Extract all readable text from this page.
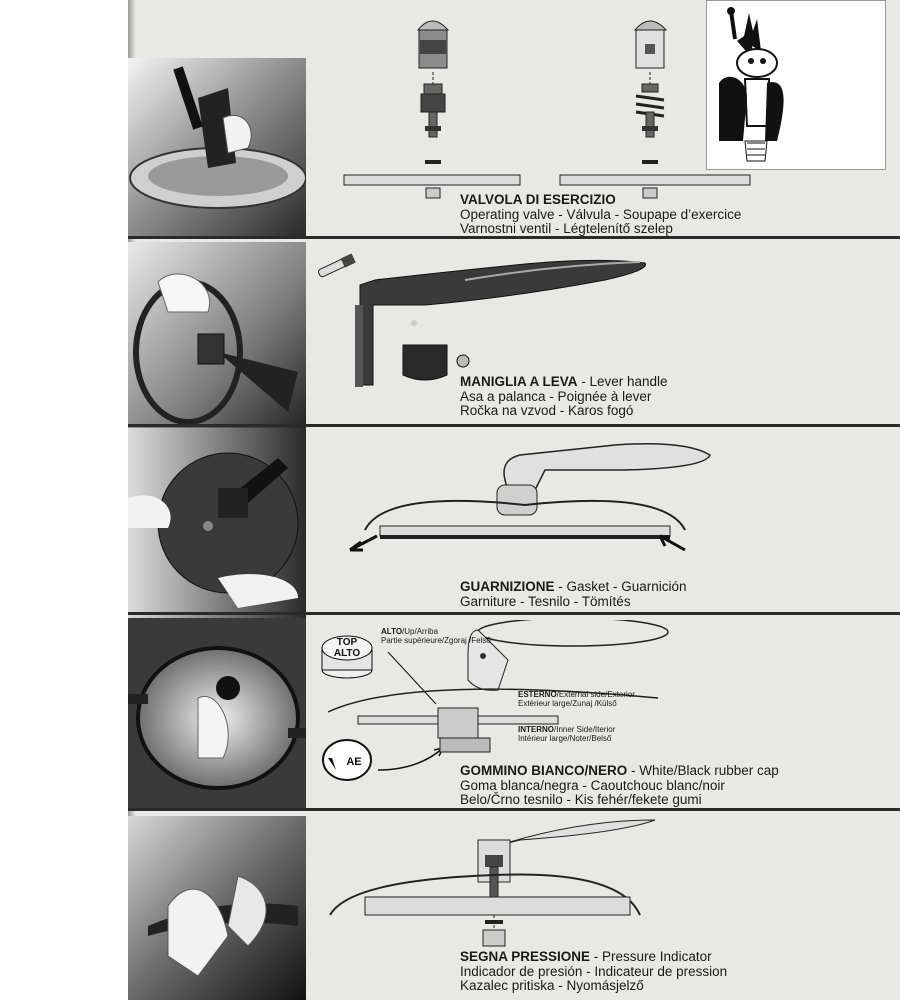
VALVOLA DI ESERCIZIO
Operating valve - Válvula - Soupape d’exercice
Varnostni ventil - Légtelenítő szelep
MANIGLIA A LEVA - Lever handle
Asa a palanca - Poignée à lever
Ročka na vzvod - Karos fogó
GUARNIZIONE - Gasket - Guarnición
Garniture - Tesnilo - Tömítés
TOP
ALTO
AE
ALTO/Up/Arriba
Partie supérieure/Zgoraj /Felső
ESTERNO/External side/Exterior
Extérieur large/Zunaj /Külső
INTERNO/Inner Side/Iterior
Intérieur large/Noter/Belső
GOMMINO BIANCO/NERO - White/Black rubber cap
Goma blanca/negra - Caoutchouc blanc/noir
Belo/Črno tesnilo - Kis fehér/fekete gumi
SEGNA PRESSIONE - Pressure Indicator
Indicador de presión - Indicateur de pression
Kazalec pritiska - Nyomásjelző
